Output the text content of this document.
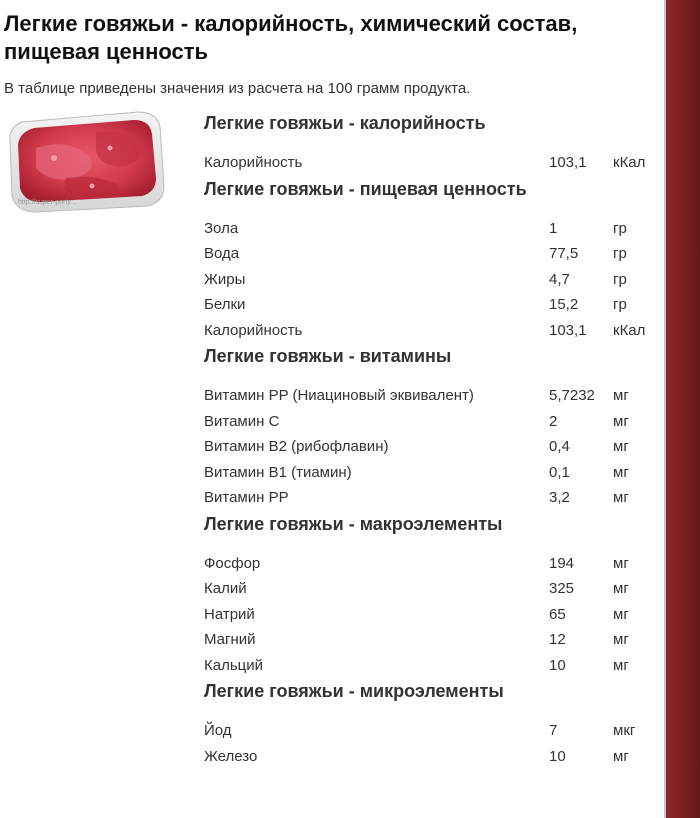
Легкие говяжьи - калорийность, химический состав, пищевая ценность

В таблице приведены значения из расчета на 100 грамм продукта.

http://super-porty...
Легкие говяжьи - калорийность
Калорийность	103,1	кКал
Легкие говяжьи - пищевая ценность
Зола	1	гр
Вода	77,5	гр
Жиры	4,7	гр
Белки	15,2	гр
Калорийность	103,1	кКал
Легкие говяжьи - витамины
Витамин PP (Ниациновый эквивалент)	5,7232	мг
Витамин C	2	мг
Витамин B2 (рибофлавин)	0,4	мг
Витамин B1 (тиамин)	0,1	мг
Витамин PP	3,2	мг
Легкие говяжьи - макроэлементы
Фосфор	194	мг
Калий	325	мг
Натрий	65	мг
Магний	12	мг
Кальций	10	мг
Легкие говяжьи - микроэлементы
Йод	7	мкг
Железо	10	мг
